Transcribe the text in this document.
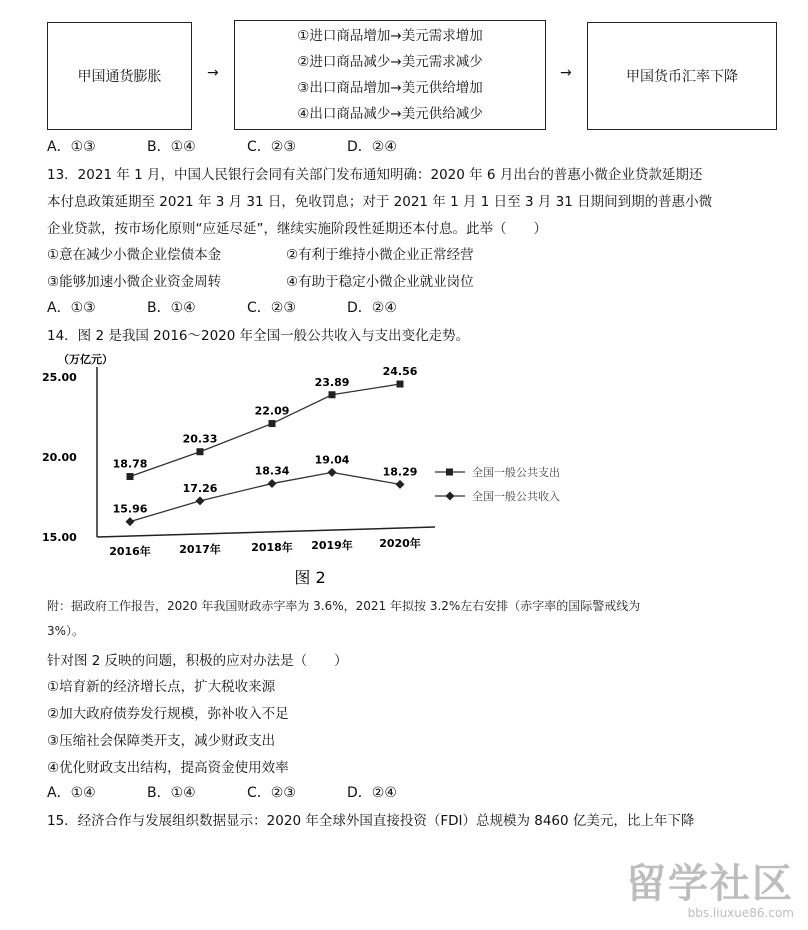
甲国通货膨胀	→
①进口商品增加→美元需求增加
②进口商品减少→美元需求减少
③出口商品增加→美元供给增加
④出口商品减少→美元供给减少
→	甲国货币汇率下降
A．①③	B．①④	C．②③	D．②④
13．2021 年 1 月，中国人民银行会同有关部门发布通知明确：2020 年 6 月出台的普惠小微企业贷款延期还
本付息政策延期至 2021 年 3 月 31 日，免收罚息；对于 2021 年 1 月 1 日至 3 月 31 日期间到期的普惠小微
企业贷款，按市场化原则“应延尽延”，继续实施阶段性延期还本付息。此举（　　）
①意在减少小微企业偿债本金	②有利于维持小微企业正常经营
③能够加速小微企业资金周转	④有助于稳定小微企业就业岗位
A．①③	B．①④	C．②③	D．②④
14．图 2 是我国 2016～2020 年全国一般公共收入与支出变化走势。
（万亿元）
15.00
20.00
25.00
2016年	2017年	2018年 2019年 2020年
18.78
20.33
22.09
23.89
24.56
15.96
17.26
18.34
19.04
18.29	全国一般公共支出
全国一般公共收入
图 2
附：据政府工作报告，2020 年我国财政赤字率为 3.6%，2021 年拟按 3.2%左右安排（赤字率的国际警戒线为
3%）。
针对图 2 反映的问题，积极的应对办法是（　　）
①培育新的经济增长点，扩大税收来源
②加大政府债券发行规模，弥补收入不足
③压缩社会保障类开支，减少财政支出
④优化财政支出结构，提高资金使用效率
A．①④	B．①④	C．②③	D．②④
15．经济合作与发展组织数据显示：2020 年全球外国直接投资（FDI）总规模为 8460 亿美元，比上年下降
留学社区
bbs.liuxue86.com
